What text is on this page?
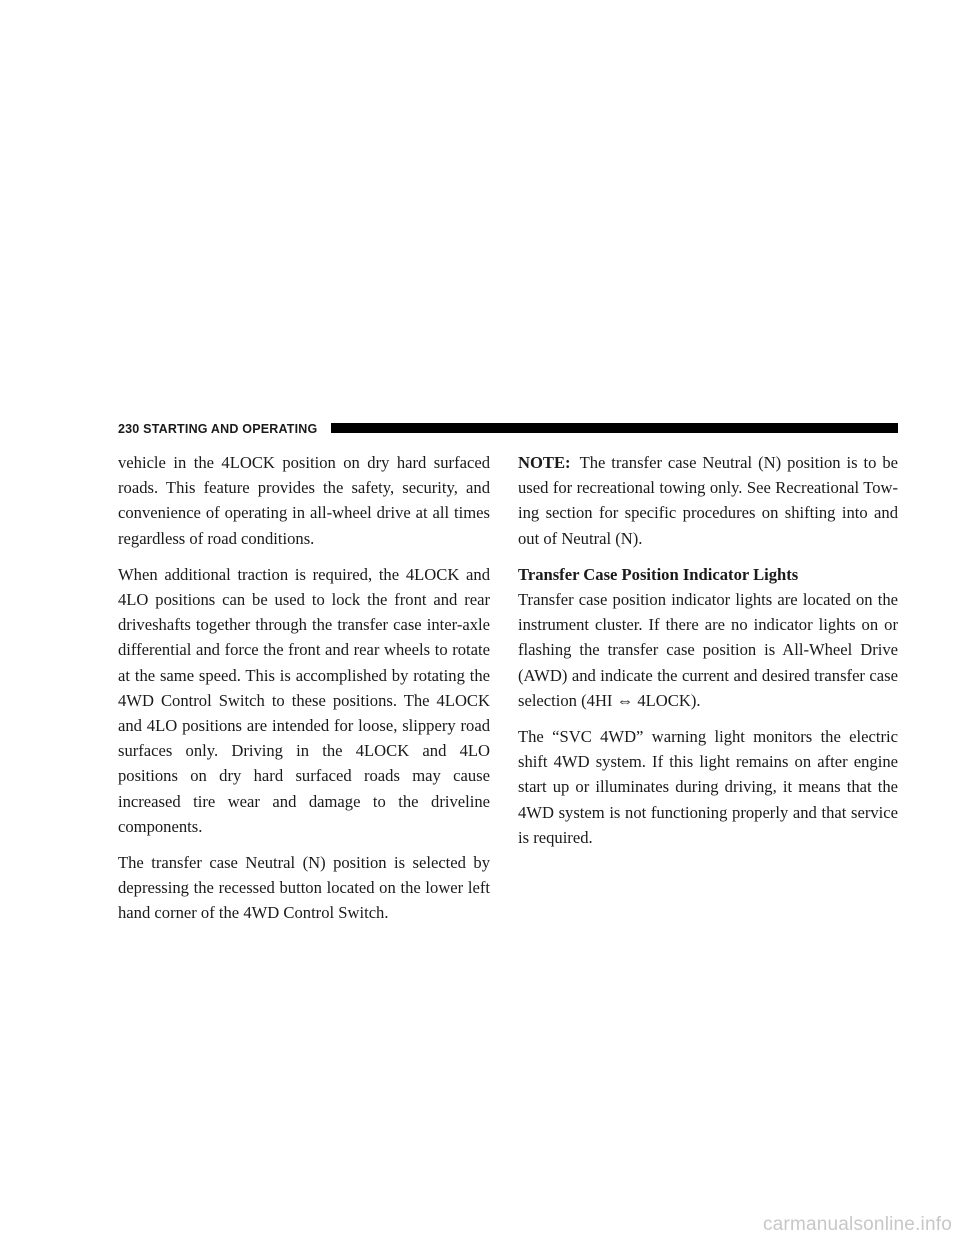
230 STARTING AND OPERATING

vehicle in the 4LOCK position on dry hard surfaced roads. This feature provides the safety, security, and convenience of operating in all-wheel drive at all times regardless of road conditions.

When additional traction is required, the 4LOCK and 4LO positions can be used to lock the front and rear driveshafts together through the transfer case inter-axle differential and force the front and rear wheels to rotate at the same speed. This is accomplished by rotating the 4WD Control Switch to these positions. The 4LOCK and 4LO positions are intended for loose, slippery road surfaces only. Driving in the 4LOCK and 4LO positions on dry hard surfaced roads may cause increased tire wear and damage to the driveline components.

The transfer case Neutral (N) position is selected by depressing the recessed button located on the lower left hand corner of the 4WD Control Switch.

NOTE: The transfer case Neutral (N) position is to be used for recreational towing only. See Recreational Tow-ing section for specific procedures on shifting into and out of Neutral (N).

Transfer Case Position Indicator Lights

Transfer case position indicator lights are located on the instrument cluster. If there are no indicator lights on or flashing the transfer case position is All-Wheel Drive (AWD) and indicate the current and desired transfer case selection (4HI ⇔ 4LOCK).

The “SVC 4WD” warning light monitors the electric shift 4WD system. If this light remains on after engine start up or illuminates during driving, it means that the 4WD system is not functioning properly and that service is required.

carmanualsonline.info
